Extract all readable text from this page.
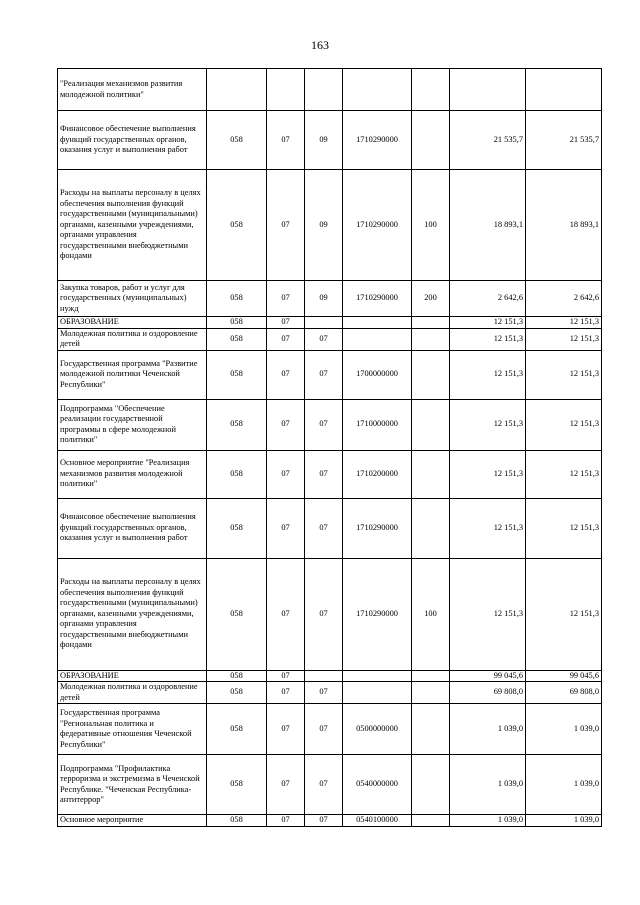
163
"Реализация механизмов развития молодежной политики"							
Финансовое обеспечение выполнения функций государственных органов, оказания услуг и выполнения работ	058	07	09	1710290000		21 535,7	21 535,7
Расходы на выплаты персоналу в целях обеспечения выполнения функций государственными (муниципальными) органами, казенными учреждениями, органами управления государственными внебюджетными фондами	058	07	09	1710290000	100	18 893,1	18 893,1
Закупка товаров, работ и услуг для государственных (муниципальных) нужд	058	07	09	1710290000	200	2 642,6	2 642,6
ОБРАЗОВАНИЕ	058	07				12 151,3	12 151,3
Молодежная политика и оздоровление детей	058	07	07			12 151,3	12 151,3
Государственная программа "Развитие молодежной политики Чеченской Республики"	058	07	07	1700000000		12 151,3	12 151,3
Подпрограмма "Обеспечение реализации государственной программы в сфере молодежной политики"	058	07	07	1710000000		12 151,3	12 151,3
Основное мероприятие "Реализация механизмов развития молодежной политики"	058	07	07	1710200000		12 151,3	12 151,3
Финансовое обеспечение выполнения функций государственных органов, оказания услуг и выполнения работ	058	07	07	1710290000		12 151,3	12 151,3
Расходы на выплаты персоналу в целях обеспечения выполнения функций государственными (муниципальными) органами, казенными учреждениями, органами управления государственными внебюджетными фондами	058	07	07	1710290000	100	12 151,3	12 151,3
ОБРАЗОВАНИЕ	058	07				99 045,6	99 045,6
Молодежная политика и оздоровление детей	058	07	07			69 808,0	69 808,0
Государственная программа "Региональная политика и федеративные отношения Чеченской Республики"	058	07	07	0500000000		1 039,0	1 039,0
Подпрограмма "Профилактика терроризма и экстремизма в Чеченской Республике. "Чеченская Республика-антитеррор"	058	07	07	0540000000		1 039,0	1 039,0
Основное мероприятие	058	07	07	0540100000		1 039,0	1 039,0
